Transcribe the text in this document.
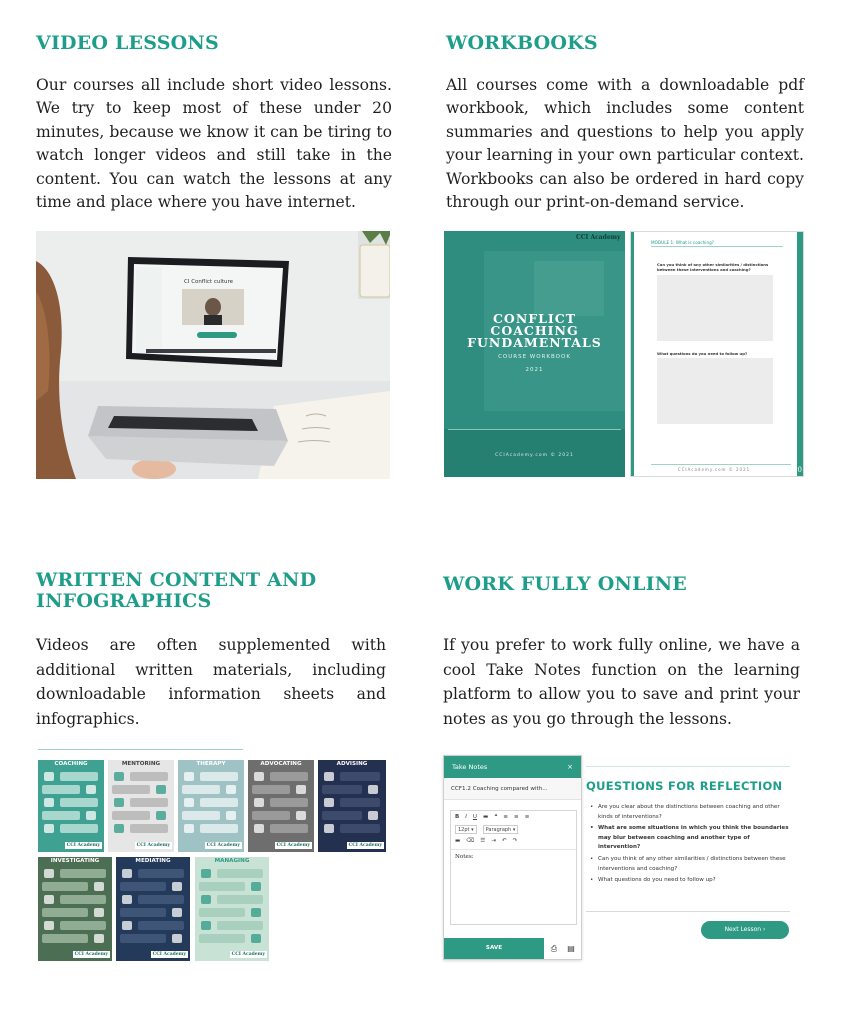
VIDEO LESSONS
Our courses all include short video lessons. We try to keep most of these under 20 minutes, because we know it can be tiring to watch longer videos and still take in the content. You can watch the lessons at any time and place where you have internet.
CI Conflict culture
WORKBOOKS
All courses come with a downloadable pdf workbook, which includes some content summaries and questions to help you apply your learning in your own particular context. Workbooks can also be ordered in hard copy through our print-on-demand service.
CCI Academy
CONFLICT
COACHING
FUNDAMENTALS
COURSE WORKBOOK
2021
CCIAcademy.com © 2021
MODULE 1: What is coaching?
Can you think of any other similarities / distinctions between these interventions and coaching?
What questions do you need to follow up?
CCIAcademy.com © 2021	10
WRITTEN CONTENT AND
INFOGRAPHICS
Videos are often supplemented with additional written materials, including downloadable information sheets and infographics.
COACHING
CCI Academy
MENTORING
CCI Academy
THERAPY
CCI Academy
ADVOCATING
CCI Academy
ADVISING
CCI Academy
INVESTIGATING
CCI Academy
MEDIATING
CCI Academy
MANAGING
CCI Academy
WORK FULLY ONLINE
If you prefer to work fully online, we have a cool Take Notes function on the learning platform to allow you to save and print your notes as you go through the lessons.
Take Notes	×
CCF1.2 Coaching compared with...
B I U ▬ ❝ ≡ ≡ ≡
12pt ▾	Paragraph ▾
▬ ⌫ ☰ ⇥ ↶ ↷
Notes:
SAVE	⎙	▤
QUESTIONS FOR REFLECTION
• Are you clear about the distinctions between coaching and other kinds of interventions?
• What are some situations in which you think the boundaries may blur between coaching and another type of intervention?
• Can you think of any other similarities / distinctions between these interventions and coaching?
• What questions do you need to follow up?
Next Lesson ›
